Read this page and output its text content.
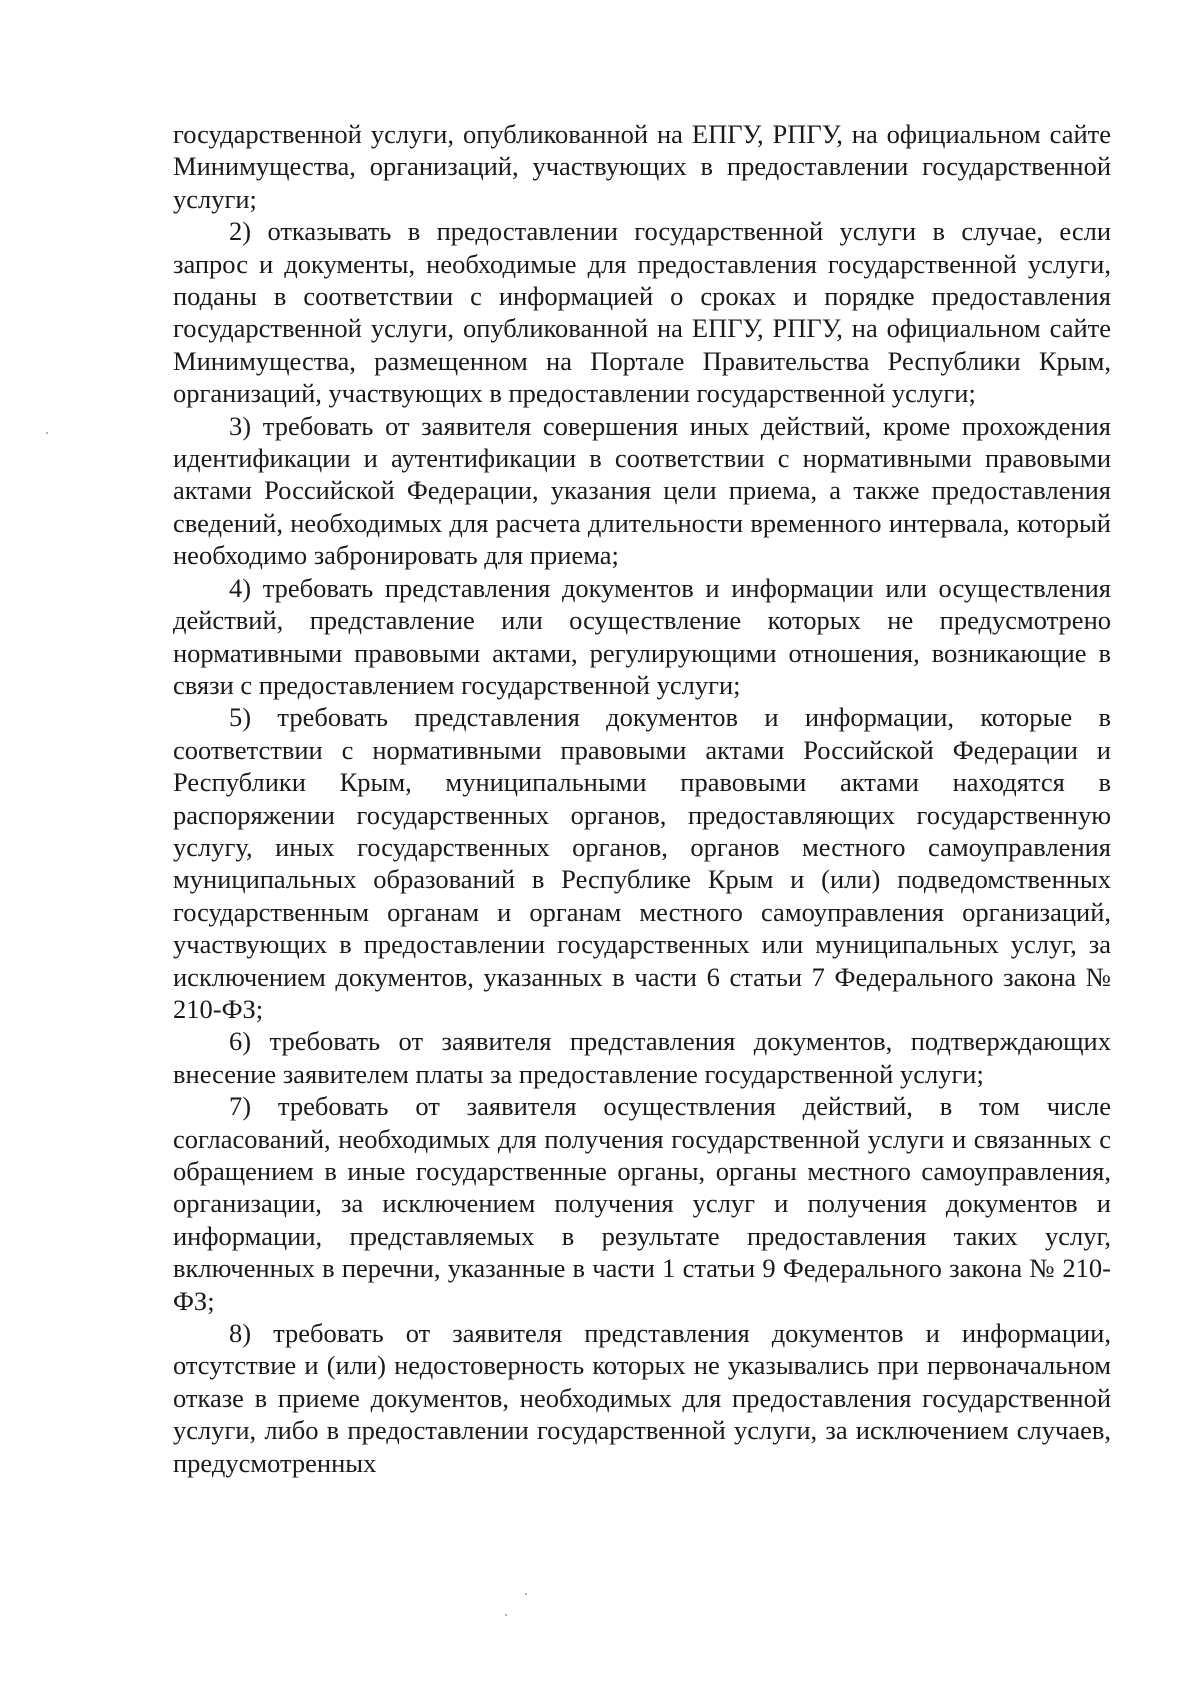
государственной услуги, опубликованной на ЕПГУ, РПГУ, на официальном сайте Минимущества, организаций, участвующих в предоставлении государственной услуги;

2) отказывать в предоставлении государственной услуги в случае, если запрос и документы, необходимые для предоставления государственной услуги, поданы в соответствии с информацией о сроках и порядке предоставления государственной услуги, опубликованной на ЕПГУ, РПГУ, на официальном сайте Минимущества, размещенном на Портале Правительства Республики Крым, организаций, участвующих в предоставлении государственной услуги;

3) требовать от заявителя совершения иных действий, кроме прохождения идентификации и аутентификации в соответствии с нормативными правовыми актами Российской Федерации, указания цели приема, а также предоставления сведений, необходимых для расчета длительности временного интервала, который необходимо забронировать для приема;

4) требовать представления документов и информации или осуществления действий, представление или осуществление которых не предусмотрено нормативными правовыми актами, регулирующими отношения, возникающие в связи с предоставлением государственной услуги;

5) требовать представления документов и информации, которые в соответствии с нормативными правовыми актами Российской Федерации и Республики Крым, муниципальными правовыми актами находятся в распоряжении государственных органов, предоставляющих государственную услугу, иных государственных органов, органов местного самоуправления муниципальных образований в Республике Крым и (или) подведомственных государственным органам и органам местного самоуправления организаций, участвующих в предоставлении государственных или муниципальных услуг, за исключением документов, указанных в части 6 статьи 7 Федерального закона № 210-ФЗ;

6) требовать от заявителя представления документов, подтверждающих внесение заявителем платы за предоставление государственной услуги;

7) требовать от заявителя осуществления действий, в том числе согласований, необходимых для получения государственной услуги и связанных с обращением в иные государственные органы, органы местного самоуправления, организации, за исключением получения услуг и получения документов и информации, представляемых в результате предоставления таких услуг, включенных в перечни, указанные в части 1 статьи 9 Федерального закона № 210-ФЗ;

8) требовать от заявителя представления документов и информации, отсутствие и (или) недостоверность которых не указывались при первоначальном отказе в приеме документов, необходимых для предоставления государственной услуги, либо в предоставлении государственной услуги, за исключением случаев, предусмотренных
